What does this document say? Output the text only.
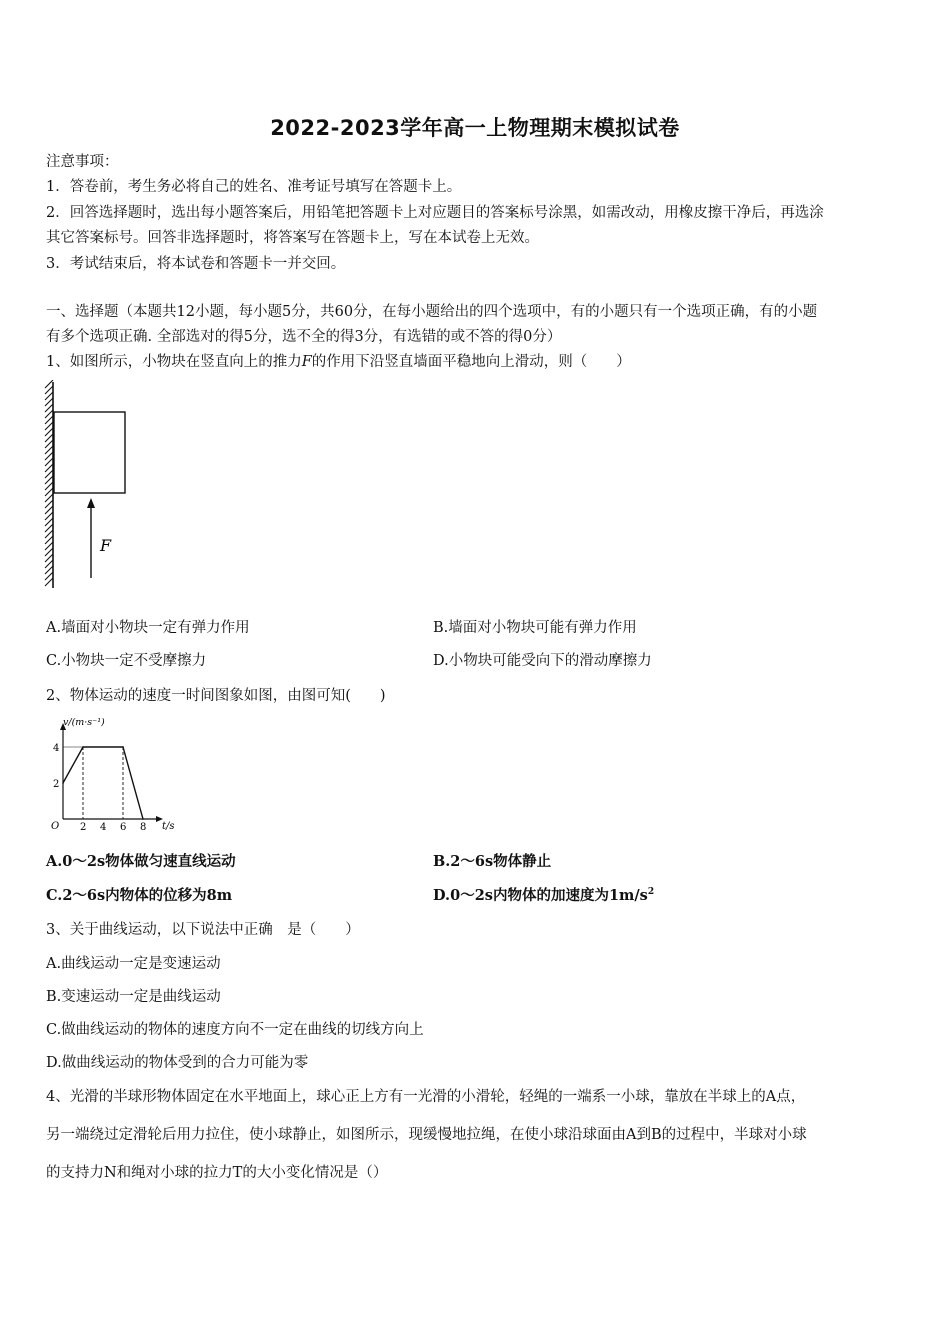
2022-2023学年高一上物理期末模拟试卷
注意事项：
1．答卷前，考生务必将自己的姓名、准考证号填写在答题卡上。
2．回答选择题时，选出每小题答案后，用铅笔把答题卡上对应题目的答案标号涂黑，如需改动，用橡皮擦干净后，再选涂
其它答案标号。回答非选择题时，将答案写在答题卡上，写在本试卷上无效。
3．考试结束后，将本试卷和答题卡一并交回。
一、选择题（本题共12小题，每小题5分，共60分，在每小题给出的四个选项中，有的小题只有一个选项正确，有的小题
有多个选项正确. 全部选对的得5分，选不全的得3分，有选错的或不答的得0分）
1、如图所示，小物块在竖直向上的推力F的作用下沿竖直墙面平稳地向上滑动，则（　　）
F
A.墙面对小物块一定有弹力作用	B.墙面对小物块可能有弹力作用
C.小物块一定不受摩擦力	D.小物块可能受向下的滑动摩擦力
2、物体运动的速度一时间图象如图，由图可知(　　)
2 4 6 8
2
4
v/(m·s⁻¹)
t/s
O
A.0～2s物体做匀速直线运动	B.2～6s物体静止
C.2～6s内物体的位移为8m	D.0～2s内物体的加速度为$1m/s^2$
3、关于曲线运动，以下说法中正确　是（　　）
A.曲线运动一定是变速运动
B.变速运动一定是曲线运动
C.做曲线运动的物体的速度方向不一定在曲线的切线方向上
D.做曲线运动的物体受到的合力可能为零
4、光滑的半球形物体固定在水平地面上，球心正上方有一光滑的小滑轮，轻绳的一端系一小球，靠放在半球上的A点，
另一端绕过定滑轮后用力拉住，使小球静止，如图所示，现缓慢地拉绳，在使小球沿球面由A到B的过程中，半球对小球
的支持力N和绳对小球的拉力T的大小变化情况是（）
